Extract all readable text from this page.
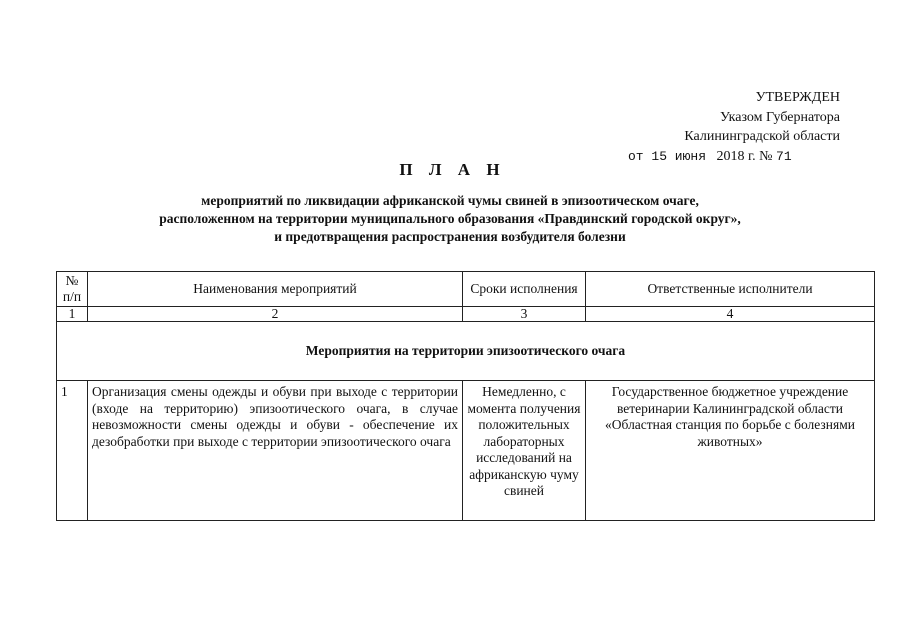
УТВЕРЖДЕН
Указом Губернатора
Калининградской области
от 15 июня 2018 г. № 71
П Л А Н
мероприятий по ликвидации африканской чумы свиней в эпизоотическом очаге,
расположенном на территории муниципального образования «Правдинский городской округ»,
и предотвращения распространения возбудителя болезни
№ п/п	Наименования мероприятий	Сроки исполнения	Ответственные исполнители
1	2	3	4
Мероприятия на территории эпизоотического очага			
1	Организация смены одежды и обуви при выходе с территории (входе на территорию) эпизоотического очага, в случае невозможности смены одежды и обуви - обеспечение их дезобработки при выходе с территории эпизоотического очага	Немедленно, с момента получения положительных лабораторных исследований на африканскую чуму свиней	Государственное бюджетное учреждение ветеринарии Калининградской области «Областная станция по борьбе с болезнями животных»
